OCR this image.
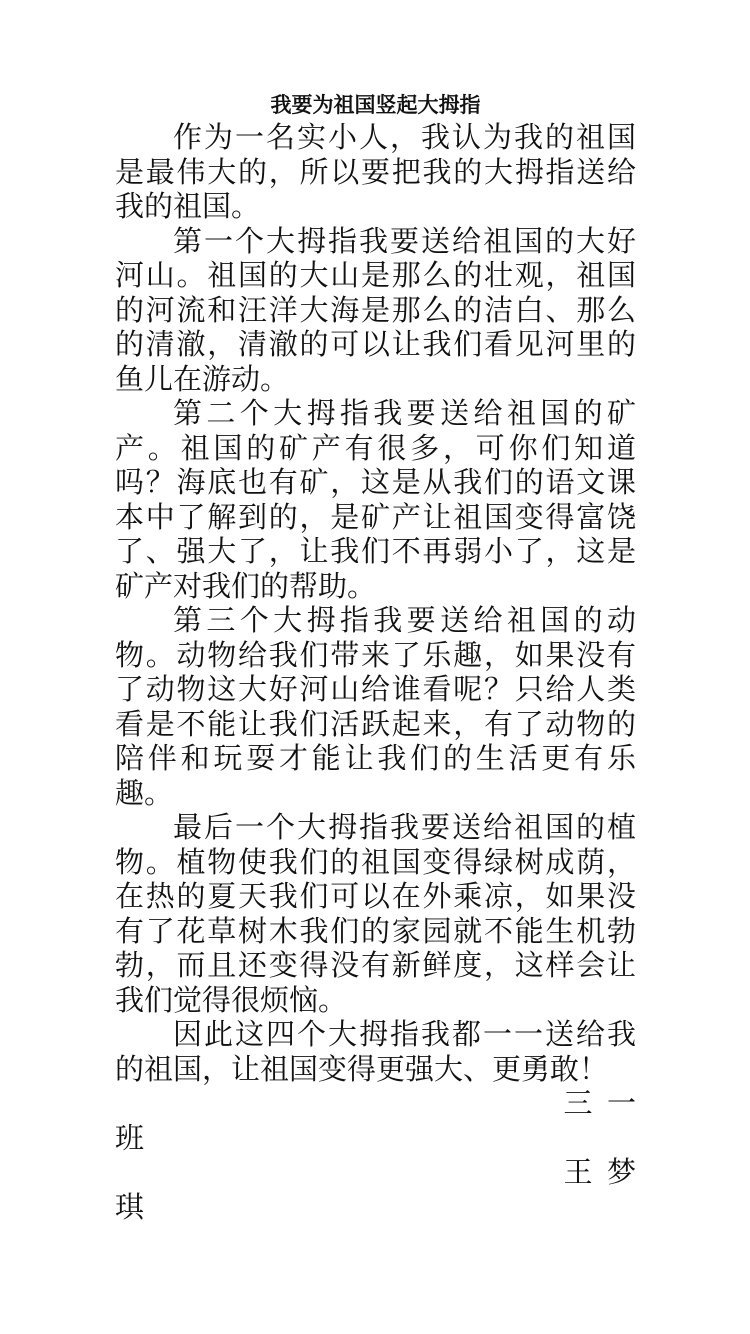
我要为祖国竖起大拇指

作为一名实小人，我认为我的祖国是最伟大的，所以要把我的大拇指送给我的祖国。

第一个大拇指我要送给祖国的大好河山。祖国的大山是那么的壮观，祖国的河流和汪洋大海是那么的洁白、那么的清澈，清澈的可以让我们看见河里的鱼儿在游动。

第二个大拇指我要送给祖国的矿产。祖国的矿产有很多，可你们知道吗？海底也有矿，这是从我们的语文课本中了解到的，是矿产让祖国变得富饶了、强大了，让我们不再弱小了，这是矿产对我们的帮助。

第三个大拇指我要送给祖国的动物。动物给我们带来了乐趣，如果没有了动物这大好河山给谁看呢？只给人类看是不能让我们活跃起来，有了动物的陪伴和玩耍才能让我们的生活更有乐趣。

最后一个大拇指我要送给祖国的植物。植物使我们的祖国变得绿树成荫，在热的夏天我们可以在外乘凉，如果没有了花草树木我们的家园就不能生机勃勃，而且还变得没有新鲜度，这样会让我们觉得很烦恼。

因此这四个大拇指我都一一送给我的祖国，让祖国变得更强大、更勇敢！

三一

班

王梦

琪
